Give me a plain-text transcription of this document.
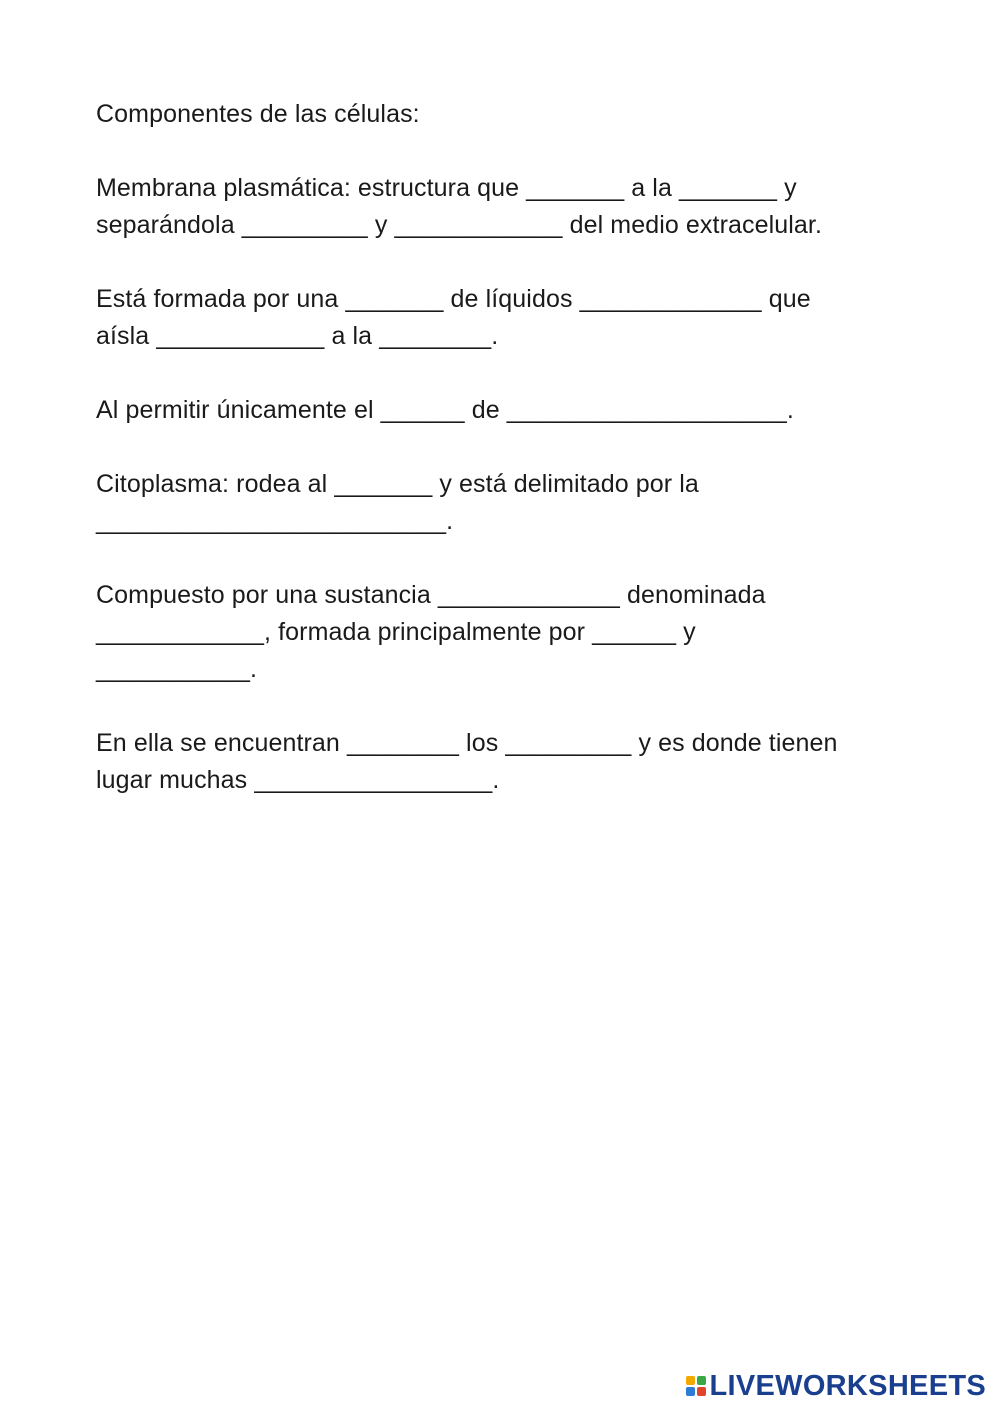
Componentes de las células:
Membrana plasmática: estructura que _______ a la _______ y
separándola _________ y ____________ del medio extracelular.
Está formada por una _______ de líquidos _____________ que
aísla ____________ a la ________.
Al permitir únicamente el ______ de ____________________.
Citoplasma: rodea al _______ y está delimitado por la
_________________________.
Compuesto por una sustancia _____________ denominada
____________, formada principalmente por ______ y
___________.
En ella se encuentran ________ los _________ y es donde tienen
lugar muchas _________________.
LIVEWORKSHEETS
